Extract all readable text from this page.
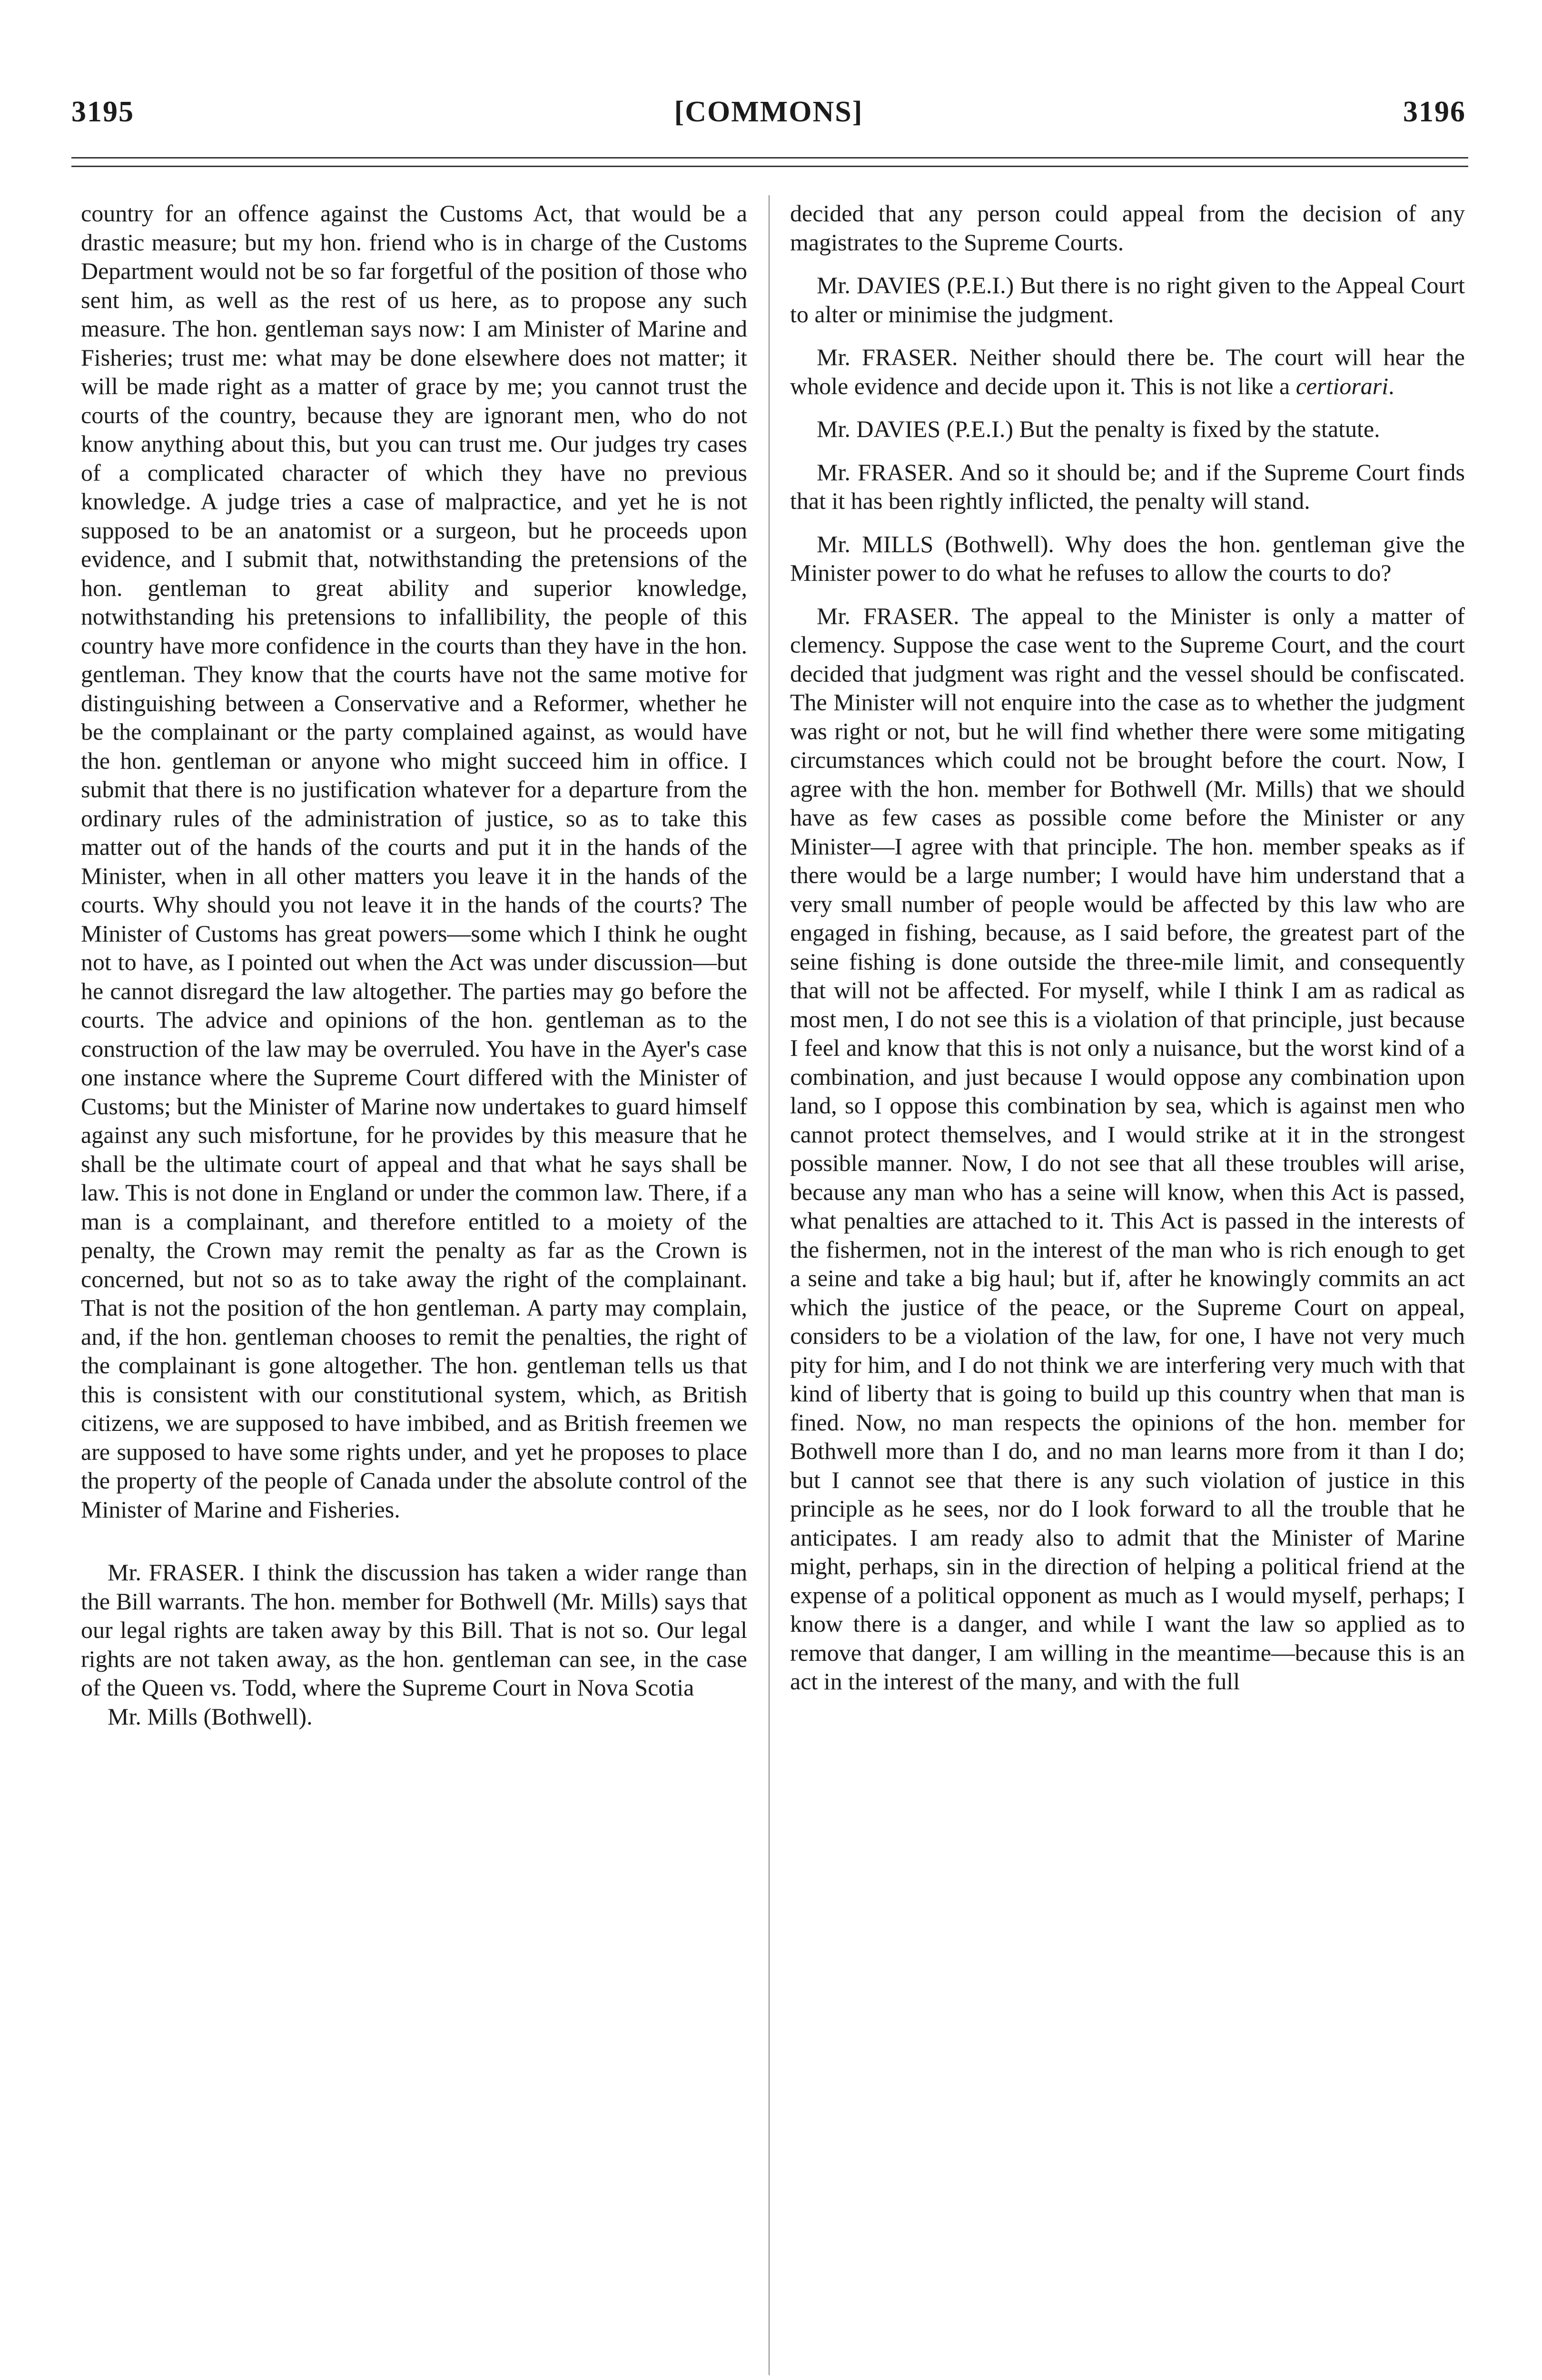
3195	[COMMONS]	3196

country for an offence against the Customs Act, that would be a drastic measure; but my hon. friend who is in charge of the Customs Department would not be so far forgetful of the position of those who sent him, as well as the rest of us here, as to propose any such measure. The hon. gentleman says now: I am Minister of Marine and Fisheries; trust me: what may be done elsewhere does not matter; it will be made right as a matter of grace by me; you cannot trust the courts of the country, because they are ignorant men, who do not know anything about this, but you can trust me. Our judges try cases of a complicated character of which they have no previous knowledge. A judge tries a case of malpractice, and yet he is not supposed to be an anatomist or a surgeon, but he proceeds upon evidence, and I submit that, notwithstanding the pretensions of the hon. gentleman to great ability and superior knowledge, notwithstanding his pretensions to infallibility, the people of this country have more confidence in the courts than they have in the hon. gentleman. They know that the courts have not the same motive for distinguishing between a Conservative and a Reformer, whether he be the complainant or the party complained against, as would have the hon. gentleman or anyone who might succeed him in office. I submit that there is no justification whatever for a departure from the ordinary rules of the administration of justice, so as to take this matter out of the hands of the courts and put it in the hands of the Minister, when in all other matters you leave it in the hands of the courts. Why should you not leave it in the hands of the courts? The Minister of Customs has great powers—some which I think he ought not to have, as I pointed out when the Act was under discussion—but he cannot disregard the law altogether. The parties may go before the courts. The advice and opinions of the hon. gentleman as to the construction of the law may be overruled. You have in the Ayer's case one instance where the Supreme Court differed with the Minister of Customs; but the Minister of Marine now undertakes to guard himself against any such misfortune, for he provides by this measure that he shall be the ultimate court of appeal and that what he says shall be law. This is not done in England or under the common law. There, if a man is a complainant, and therefore entitled to a moiety of the penalty, the Crown may remit the penalty as far as the Crown is concerned, but not so as to take away the right of the complainant. That is not the position of the hon gentleman. A party may complain, and, if the hon. gentleman chooses to remit the penalties, the right of the complainant is gone altogether. The hon. gentleman tells us that this is consistent with our constitutional system, which, as British citizens, we are supposed to have imbibed, and as British freemen we are supposed to have some rights under, and yet he proposes to place the property of the people of Canada under the absolute control of the Minister of Marine and Fisheries.

Mr. FRASER. I think the discussion has taken a wider range than the Bill warrants. The hon. member for Bothwell (Mr. Mills) says that our legal rights are taken away by this Bill. That is not so. Our legal rights are not taken away, as the hon. gentleman can see, in the case of the Queen vs. Todd, where the Supreme Court in Nova Scotia

Mr. Mills (Bothwell).

decided that any person could appeal from the decision of any magistrates to the Supreme Courts.

Mr. DAVIES (P.E.I.) But there is no right given to the Appeal Court to alter or minimise the judgment.

Mr. FRASER. Neither should there be. The court will hear the whole evidence and decide upon it. This is not like a certiorari.

Mr. DAVIES (P.E.I.) But the penalty is fixed by the statute.

Mr. FRASER. And so it should be; and if the Supreme Court finds that it has been rightly inflicted, the penalty will stand.

Mr. MILLS (Bothwell). Why does the hon. gentleman give the Minister power to do what he refuses to allow the courts to do?

Mr. FRASER. The appeal to the Minister is only a matter of clemency. Suppose the case went to the Supreme Court, and the court decided that judgment was right and the vessel should be confiscated. The Minister will not enquire into the case as to whether the judgment was right or not, but he will find whether there were some mitigating circumstances which could not be brought before the court. Now, I agree with the hon. member for Bothwell (Mr. Mills) that we should have as few cases as possible come before the Minister or any Minister—I agree with that principle. The hon. member speaks as if there would be a large number; I would have him understand that a very small number of people would be affected by this law who are engaged in fishing, because, as I said before, the greatest part of the seine fishing is done outside the three-mile limit, and consequently that will not be affected. For myself, while I think I am as radical as most men, I do not see this is a violation of that principle, just because I feel and know that this is not only a nuisance, but the worst kind of a combination, and just because I would oppose any combination upon land, so I oppose this combination by sea, which is against men who cannot protect themselves, and I would strike at it in the strongest possible manner. Now, I do not see that all these troubles will arise, because any man who has a seine will know, when this Act is passed, what penalties are attached to it. This Act is passed in the interests of the fishermen, not in the interest of the man who is rich enough to get a seine and take a big haul; but if, after he knowingly commits an act which the justice of the peace, or the Supreme Court on appeal, considers to be a violation of the law, for one, I have not very much pity for him, and I do not think we are interfering very much with that kind of liberty that is going to build up this country when that man is fined. Now, no man respects the opinions of the hon. member for Bothwell more than I do, and no man learns more from it than I do; but I cannot see that there is any such violation of justice in this principle as he sees, nor do I look forward to all the trouble that he anticipates. I am ready also to admit that the Minister of Marine might, perhaps, sin in the direction of helping a political friend at the expense of a political opponent as much as I would myself, perhaps; I know there is a danger, and while I want the law so applied as to remove that danger, I am willing in the meantime—because this is an act in the interest of the many, and with the full
